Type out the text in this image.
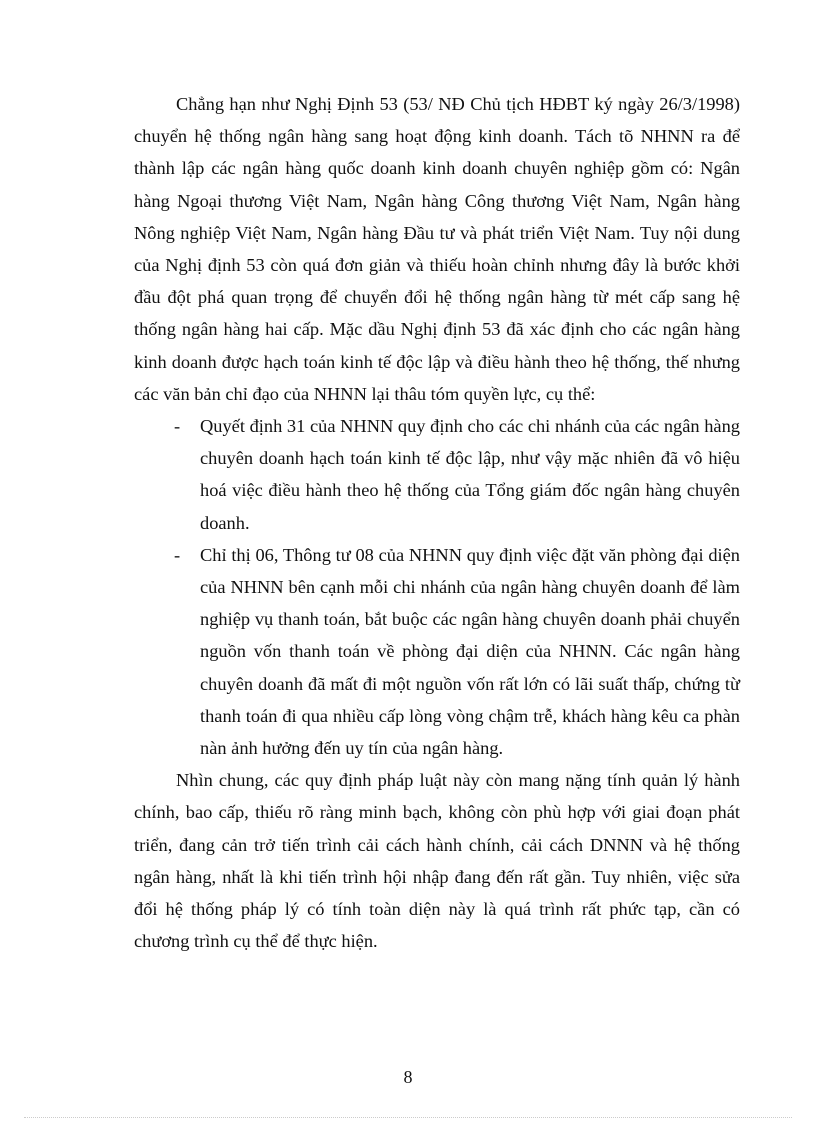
Chẳng hạn như Nghị Định 53 (53/ NĐ Chủ tịch HĐBT ký ngày 26/3/1998) chuyển hệ thống ngân hàng sang hoạt động kinh doanh. Tách tõ NHNN ra để thành lập các ngân hàng quốc doanh kinh doanh chuyên nghiệp gồm có: Ngân hàng Ngoại thương Việt Nam, Ngân hàng Công thương Việt Nam, Ngân hàng Nông nghiệp Việt Nam, Ngân hàng Đầu tư và phát triển Việt Nam. Tuy nội dung của Nghị định 53 còn quá đơn giản và thiếu hoàn chỉnh nhưng đây là bước khởi đầu đột phá quan trọng để chuyển đổi hệ thống ngân hàng từ mét cấp sang hệ thống ngân hàng hai cấp. Mặc dầu Nghị định 53 đã xác định cho các ngân hàng kinh doanh được hạch toán kinh tế độc lập và điều hành theo hệ thống, thế nhưng các văn bản chỉ đạo của NHNN lại thâu tóm quyền lực, cụ thể:

- Quyết định 31 của NHNN quy định cho các chi nhánh của các ngân hàng chuyên doanh hạch toán kinh tế độc lập, như vậy mặc nhiên đã vô hiệu hoá việc điều hành theo hệ thống của Tổng giám đốc ngân hàng chuyên doanh.
- Chỉ thị 06, Thông tư 08 của NHNN quy định việc đặt văn phòng đại diện của NHNN bên cạnh mỗi chi nhánh của ngân hàng chuyên doanh để làm nghiệp vụ thanh toán, bắt buộc các ngân hàng chuyên doanh phải chuyển nguồn vốn thanh toán về phòng đại diện của NHNN. Các ngân hàng chuyên doanh đã mất đi một nguồn vốn rất lớn có lãi suất thấp, chứng từ thanh toán đi qua nhiều cấp lòng vòng chậm trễ, khách hàng kêu ca phàn nàn ảnh hưởng đến uy tín của ngân hàng.

Nhìn chung, các quy định pháp luật này còn mang nặng tính quản lý hành chính, bao cấp, thiếu rõ ràng minh bạch, không còn phù hợp với giai đoạn phát triển, đang cản trở tiến trình cải cách hành chính, cải cách DNNN và hệ thống ngân hàng, nhất là khi tiến trình hội nhập đang đến rất gần. Tuy nhiên, việc sửa đổi hệ thống pháp lý có tính toàn diện này là quá trình rất phức tạp, cần có chương trình cụ thể để thực hiện.

8
